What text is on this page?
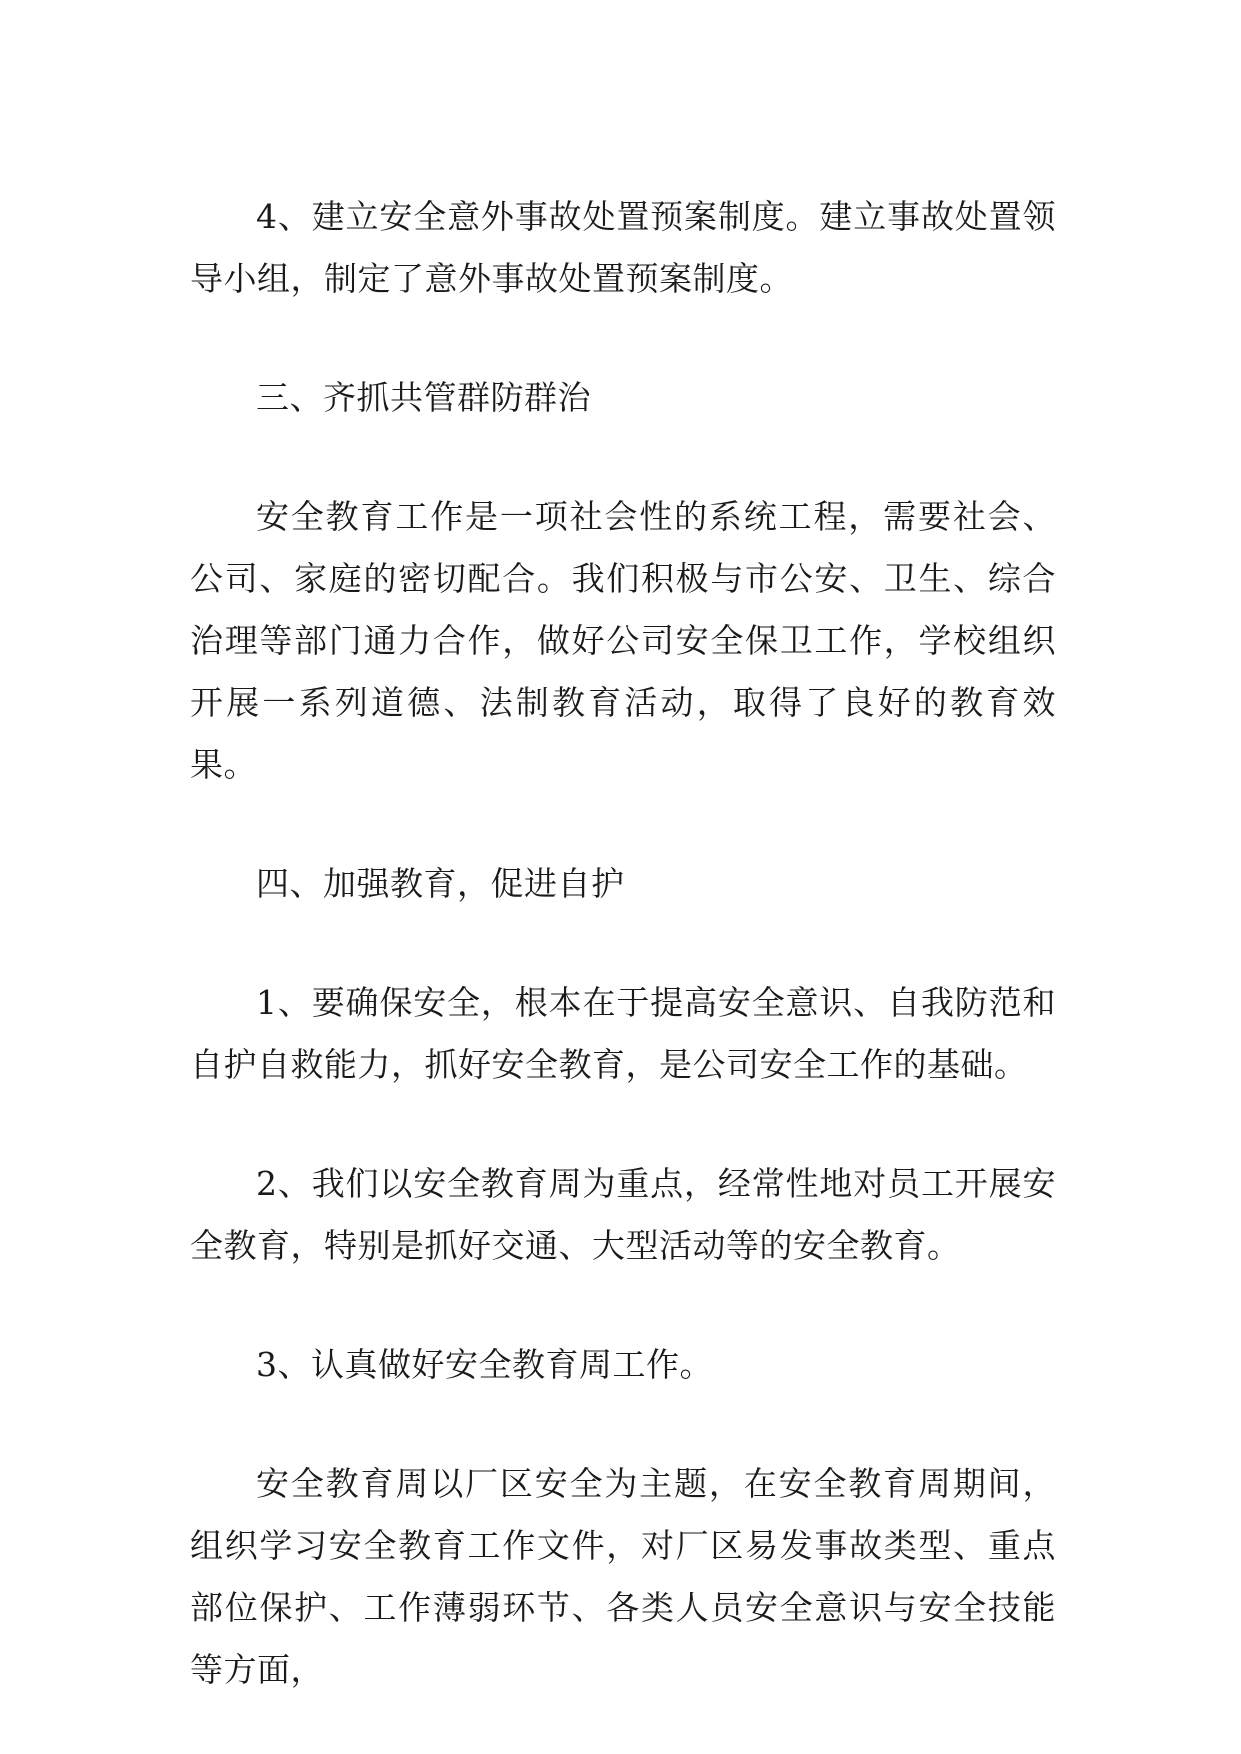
4、建立安全意外事故处置预案制度。建立事故处置领导小组，制定了意外事故处置预案制度。

三、齐抓共管群防群治

安全教育工作是一项社会性的系统工程，需要社会、公司、家庭的密切配合。我们积极与市公安、卫生、综合治理等部门通力合作，做好公司安全保卫工作，学校组织开展一系列道德、法制教育活动，取得了良好的教育效果。

四、加强教育，促进自护

1、要确保安全，根本在于提高安全意识、自我防范和自护自救能力，抓好安全教育，是公司安全工作的基础。

2、我们以安全教育周为重点，经常性地对员工开展安全教育，特别是抓好交通、大型活动等的安全教育。

3、认真做好安全教育周工作。

安全教育周以厂区安全为主题，在安全教育周期间，组织学习安全教育工作文件，对厂区易发事故类型、重点部位保护、工作薄弱环节、各类人员安全意识与安全技能等方面，
